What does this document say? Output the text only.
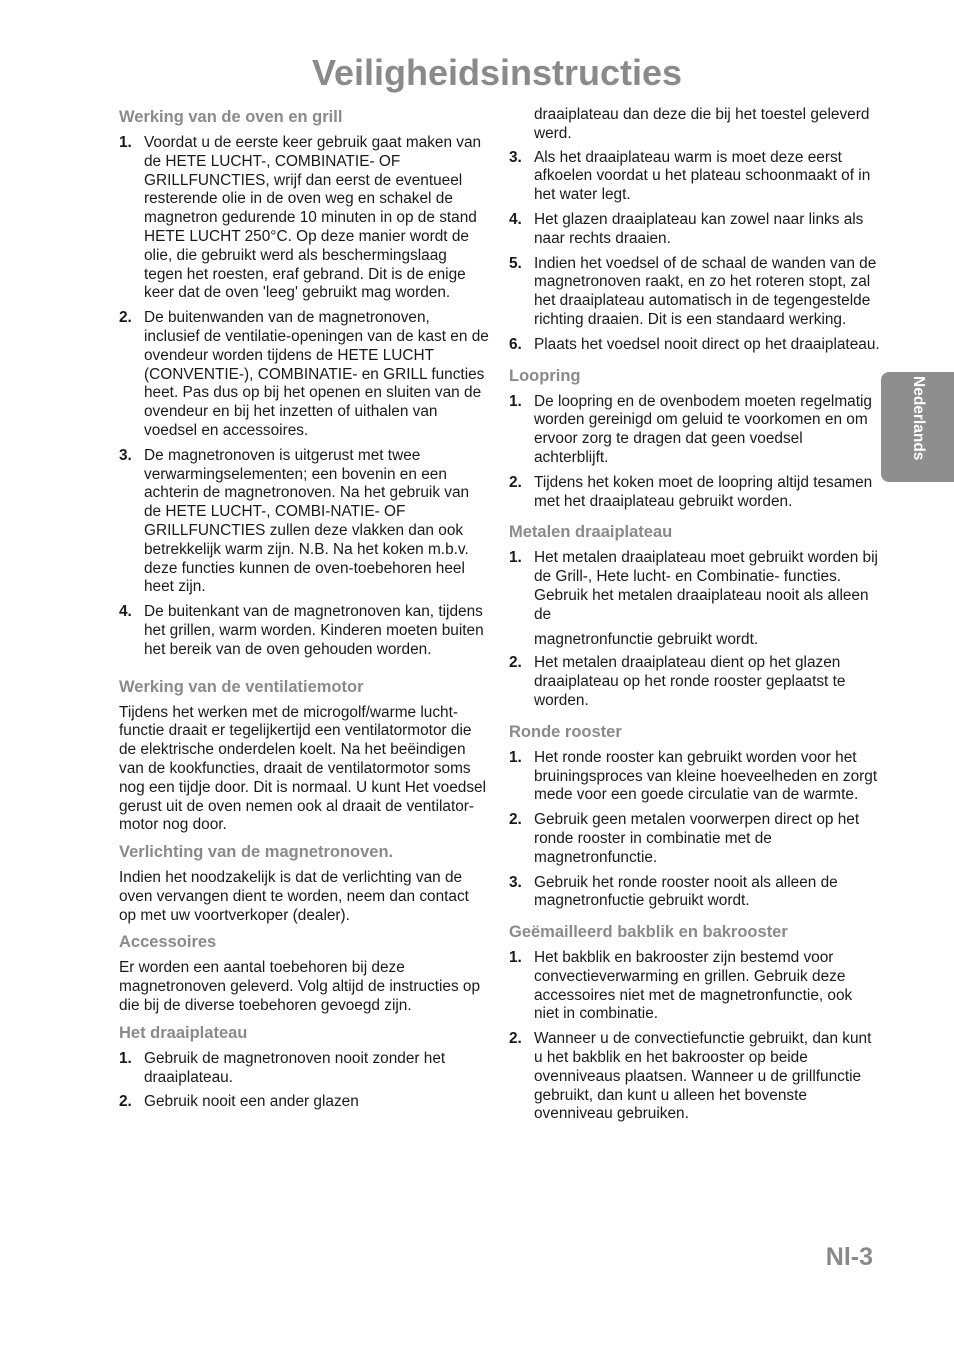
Veiligheidsinstructies
Werking van de oven en grill
1. Voordat u de eerste keer gebruik gaat maken van de HETE LUCHT-, COMBINATIE- OF GRILLFUNCTIES, wrijf dan eerst de eventueel resterende olie in de oven weg en schakel de magnetron gedurende 10 minuten in op de stand HETE LUCHT 250°C. Op deze manier wordt de olie, die gebruikt werd als beschermingslaag tegen het roesten, eraf gebrand. Dit is de enige keer dat de oven 'leeg' gebruikt mag worden.
2. De buitenwanden van de magnetronoven, inclusief de ventilatie-openingen van de kast en de ovendeur worden tijdens de HETE LUCHT (CONVENTIE-), COMBINATIE- en GRILL functies heet. Pas dus op bij het openen en sluiten van de ovendeur en bij het inzetten of uithalen van voedsel en accessoires.
3. De magnetronoven is uitgerust met twee verwarmingselementen; een bovenin en een achterin de magnetronoven. Na het gebruik van de HETE LUCHT-, COMBI-NATIE- OF GRILLFUNCTIES zullen deze vlakken dan ook betrekkelijk warm zijn. N.B. Na het koken m.b.v. deze functies kunnen de oven-toebehoren heel heet zijn.
4. De buitenkant van de magnetronoven kan, tijdens het grillen, warm worden. Kinderen moeten buiten het bereik van de oven gehouden worden.
Werking van de ventilatiemotor

Tijdens het werken met de microgolf/warme lucht-functie draait er tegelijkertijd een ventilatormotor die de elektrische onderdelen koelt. Na het beëindigen van de kookfuncties, draait de ventilatormotor soms nog een tijdje door. Dit is normaal. U kunt Het voedsel gerust uit de oven nemen ook al draait de ventilator-motor nog door.

Verlichting van de magnetronoven.

Indien het noodzakelijk is dat de verlichting van de oven vervangen dient te worden, neem dan contact op met uw voortverkoper (dealer).

Accessoires

Er worden een aantal toebehoren bij deze magnetronoven geleverd. Volg altijd de instructies op die bij de diverse toebehoren gevoegd zijn.

Het draaiplateau
1. Gebruik de magnetronoven nooit zonder het draaiplateau.
2. Gebruik nooit een ander glazen
draaiplateau dan deze die bij het toestel geleverd werd.
3. Als het draaiplateau warm is moet deze eerst afkoelen voordat u het plateau schoonmaakt of in het water legt.
4. Het glazen draaiplateau kan zowel naar links als naar rechts draaien.
5. Indien het voedsel of de schaal de wanden van de magnetronoven raakt, en zo het roteren stopt, zal het draaiplateau automatisch in de tegengestelde richting draaien. Dit is een standaard werking.
6. Plaats het voedsel nooit direct op het draaiplateau.
Loopring
1. De loopring en de ovenbodem moeten regelmatig worden gereinigd om geluid te voorkomen en om ervoor zorg te dragen dat geen voedsel achterblijft.
2. Tijdens het koken moet de loopring altijd tesamen met het draaiplateau gebruikt worden.
Metalen draaiplateau
1. Het metalen draaiplateau moet gebruikt worden bij de Grill-, Hete lucht- en Combinatie- functies. Gebruik het metalen draaiplateau nooit als alleen de
magnetronfunctie gebruikt wordt.
2. Het metalen draaiplateau dient op het glazen draaiplateau op het ronde rooster geplaatst te worden.
Ronde rooster
1. Het ronde rooster kan gebruikt worden voor het bruiningsproces van kleine hoeveelheden en zorgt mede voor een goede circulatie van de warmte.
2. Gebruik geen metalen voorwerpen direct op het ronde rooster in combinatie met de magnetronfunctie.
3. Gebruik het ronde rooster nooit als alleen de magnetronfuctie gebruikt wordt.
Geëmailleerd bakblik en bakrooster
1. Het bakblik en bakrooster zijn bestemd voor convectieverwarming en grillen. Gebruik deze accessoires niet met de magnetronfunctie, ook niet in combinatie.
2. Wanneer u de convectiefunctie gebruikt, dan kunt u het bakblik en het bakrooster op beide ovenniveaus plaatsen. Wanneer u de grillfunctie gebruikt, dan kunt u alleen het bovenste ovenniveau gebruiken.
Nederlands
Nl-3
